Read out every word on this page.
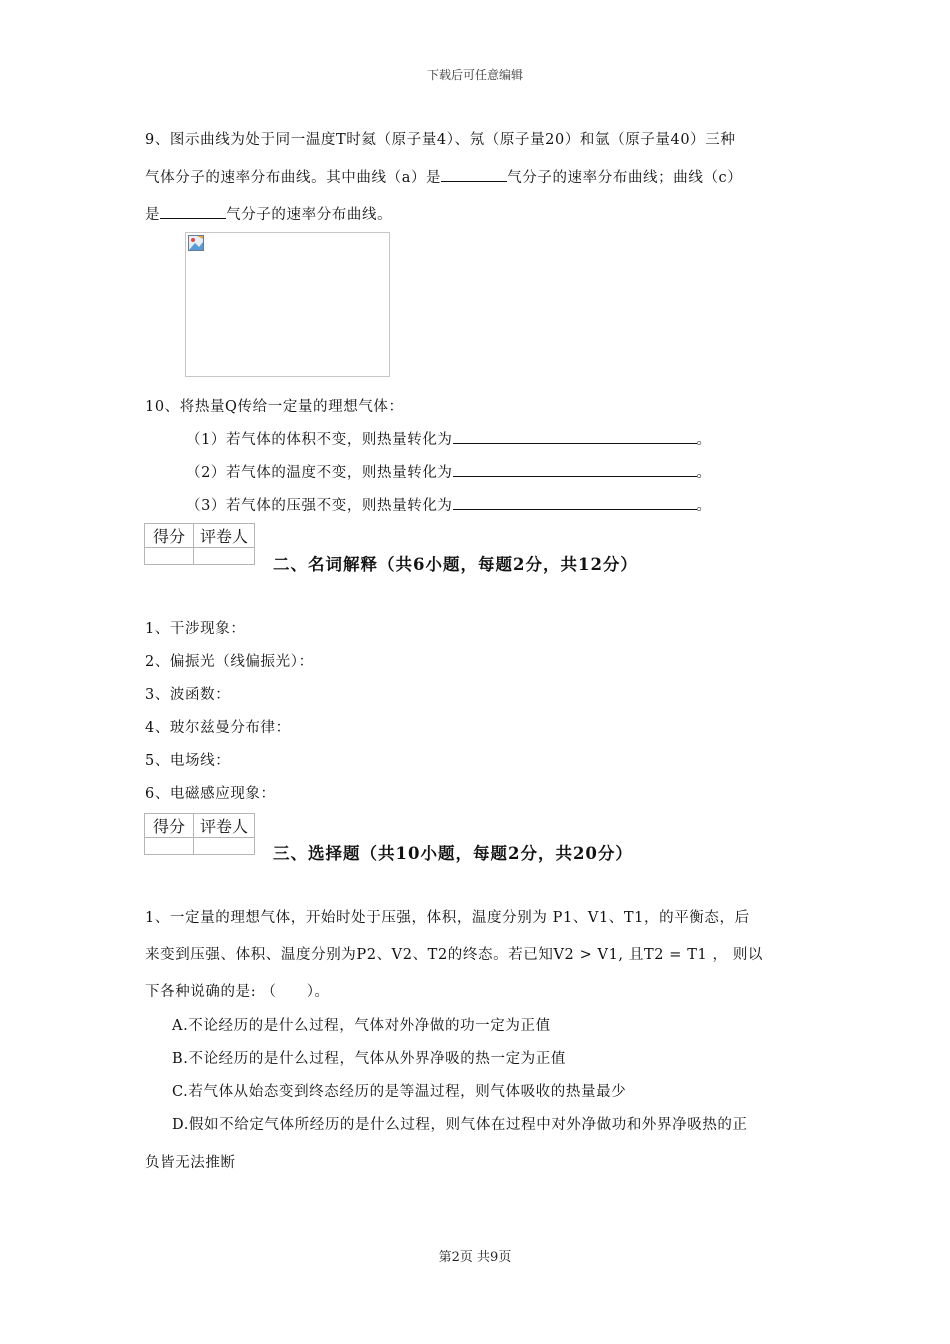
下载后可任意编辑
9、图示曲线为处于同一温度T时氦（原子量4）、氖（原子量20）和氩（原子量40）三种
气体分子的速率分布曲线。其中曲线（a）是	气分子的速率分布曲线；曲线（c）
是	气分子的速率分布曲线。
10、将热量Q传给一定量的理想气体：
（1）若气体的体积不变，则热量转化为	。
（2）若气体的温度不变，则热量转化为	。
（3）若气体的压强不变，则热量转化为	。
得分	评卷人

二、名词解释（共6小题，每题2分，共12分）
1、干涉现象：
2、偏振光（线偏振光）：
3、波函数：
4、玻尔兹曼分布律：
5、电场线：
6、电磁感应现象：
得分	评卷人

三、选择题（共10小题，每题2分，共20分）
1、一定量的理想气体，开始时处于压强，体积，温度分别为 P1、V1、T1，的平衡态，后
来变到压强、体积、温度分别为P2、V2、T2的终态。若已知V2 > V1, 且T2 = T1 ， 则以
下各种说确的是: （　　）。
A.不论经历的是什么过程，气体对外净做的功一定为正值
B.不论经历的是什么过程，气体从外界净吸的热一定为正值
C.若气体从始态变到终态经历的是等温过程，则气体吸收的热量最少
D.假如不给定气体所经历的是什么过程，则气体在过程中对外净做功和外界净吸热的正
负皆无法推断
第2页 共9页
